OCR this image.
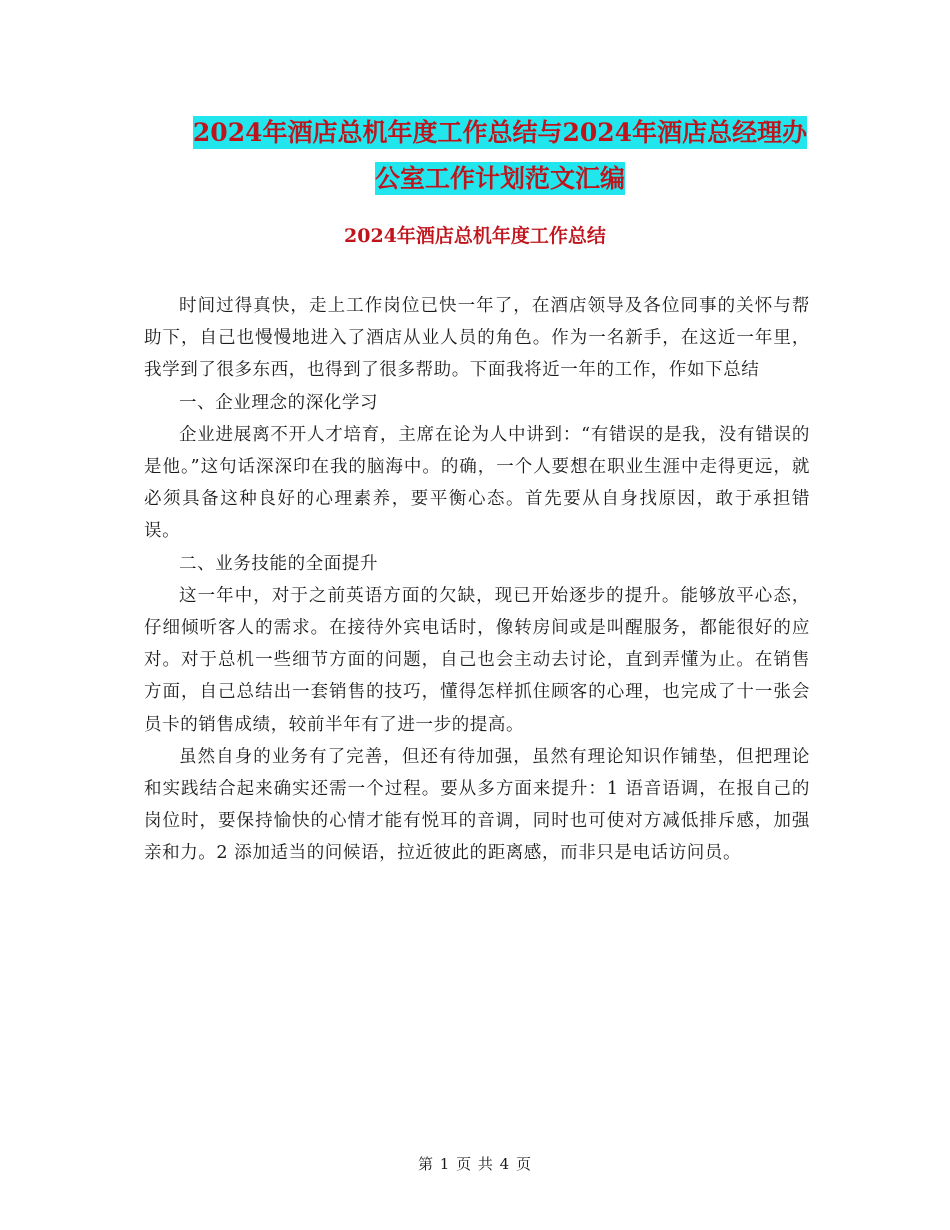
2024年酒店总机年度工作总结与2024年酒店总经理办
公室工作计划范文汇编
2024年酒店总机年度工作总结

时间过得真快，走上工作岗位已快一年了，在酒店领导及各位同事的关怀与帮助下，自己也慢慢地进入了酒店从业人员的角色。作为一名新手，在这近一年里，我学到了很多东西，也得到了很多帮助。下面我将近一年的工作，作如下总结

一、企业理念的深化学习

企业进展离不开人才培育，主席在论为人中讲到：“有错误的是我，没有错误的是他。”这句话深深印在我的脑海中。的确，一个人要想在职业生涯中走得更远，就必须具备这种良好的心理素养，要平衡心态。首先要从自身找原因，敢于承担错误。

二、业务技能的全面提升

这一年中，对于之前英语方面的欠缺，现已开始逐步的提升。能够放平心态，仔细倾听客人的需求。在接待外宾电话时，像转房间或是叫醒服务，都能很好的应对。对于总机一些细节方面的问题，自己也会主动去讨论，直到弄懂为止。在销售方面，自己总结出一套销售的技巧，懂得怎样抓住顾客的心理，也完成了十一张会员卡的销售成绩，较前半年有了进一步的提高。

虽然自身的业务有了完善，但还有待加强，虽然有理论知识作铺垫，但把理论和实践结合起来确实还需一个过程。要从多方面来提升：1 语音语调，在报自己的岗位时，要保持愉快的心情才能有悦耳的音调，同时也可使对方减低排斥感，加强亲和力。2 添加适当的问候语，拉近彼此的距离感，而非只是电话访问员。

第 1 页 共 4 页
